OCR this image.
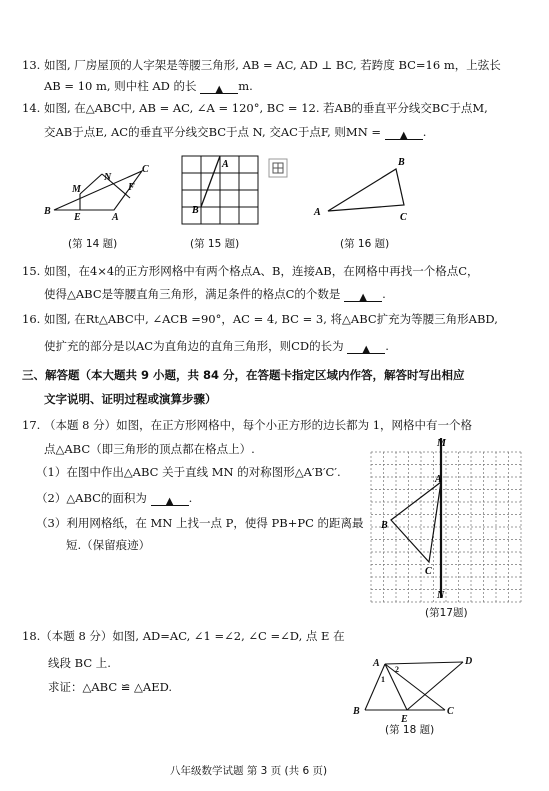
13. 如图, 厂房屋顶的人字架是等腰三角形, AB = AC, AD ⊥ BC, 若跨度 BC=16 m，上弦长
AB = 10 m, 则中柱 AD 的长 ▲ m.
14. 如图, 在△ABC中, AB = AC, ∠A = 120°, BC = 12. 若AB的垂直平分线交BC于点M,
交AB于点E, AC的垂直平分线交BC于点 N, 交AC于点F, 则MN = ▲ .
B
E	A
M
N
F
C
(第 14 题)
B
A
(第 15 题)
A
B
C
(第 16 题)
15. 如图，在4×4的正方形网格中有两个格点A、B，连接AB，在网格中再找一个格点C，
使得△ABC是等腰直角三角形，满足条件的格点C的个数是 ▲ .
16. 如图, 在Rt△ABC中, ∠ACB =90°，AC = 4, BC = 3, 将△ABC扩充为等腰三角形ABD,
使扩充的部分是以AC为直角边的直角三角形，则CD的长为 ▲ .
三、解答题（本大题共 9 小题，共 84 分，在答题卡指定区域内作答，解答时写出相应
文字说明、证明过程或演算步骤）
17. （本题 8 分）如图，在正方形网格中，每个小正方形的边长都为 1，网格中有一个格
点△ABC（即三角形的顶点都在格点上）.
（1）在图中作出△ABC 关于直线 MN 的对称图形△A′B′C′.
（2）△ABC的面积为 ▲ .
（3）利用网格纸，在 MN 上找一点 P，使得 PB+PC 的距离最
短.（保留痕迹）
M
N
A
B
C
(第17题)
18.（本题 8 分）如图, AD=AC, ∠1 =∠2, ∠C =∠D, 点 E 在
线段 BC 上.
求证：△ABC ≌ △AED.
A	D
B
E
C
2
1
(第 18 题)
八年级数学试题 第 3 页 (共 6 页)
